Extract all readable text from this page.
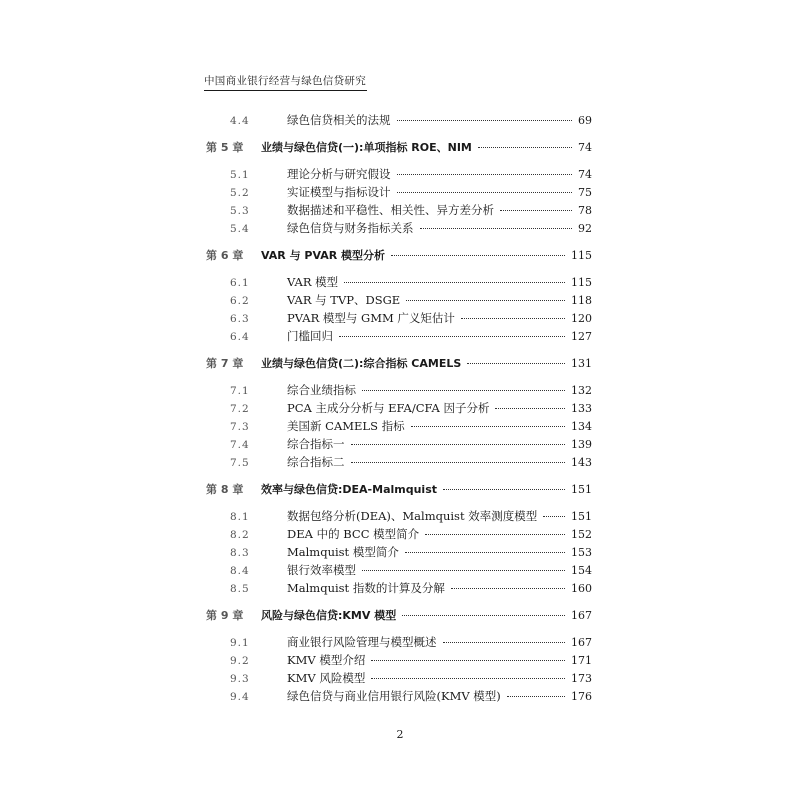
中国商业银行经营与绿色信贷研究
4.4	绿色信贷相关的法规	69
第 5 章	业绩与绿色信贷(一):单项指标 ROE、NIM	74
5.1	理论分析与研究假设	74
5.2	实证模型与指标设计	75
5.3	数据描述和平稳性、相关性、异方差分析	78
5.4	绿色信贷与财务指标关系	92
第 6 章	VAR 与 PVAR 模型分析	115
6.1	VAR 模型	115
6.2	VAR 与 TVP、DSGE	118
6.3	PVAR 模型与 GMM 广义矩估计	120
6.4	门槛回归	127
第 7 章	业绩与绿色信贷(二):综合指标 CAMELS	131
7.1	综合业绩指标	132
7.2	PCA 主成分分析与 EFA/CFA 因子分析	133
7.3	美国新 CAMELS 指标	134
7.4	综合指标一	139
7.5	综合指标二	143
第 8 章	效率与绿色信贷:DEA-Malmquist	151
8.1	数据包络分析(DEA)、Malmquist 效率测度模型	151
8.2	DEA 中的 BCC 模型简介	152
8.3	Malmquist 模型简介	153
8.4	银行效率模型	154
8.5	Malmquist 指数的计算及分解	160
第 9 章	风险与绿色信贷:KMV 模型	167
9.1	商业银行风险管理与模型概述	167
9.2	KMV 模型介绍	171
9.3	KMV 风险模型	173
9.4	绿色信贷与商业信用银行风险(KMV 模型)	176
2
